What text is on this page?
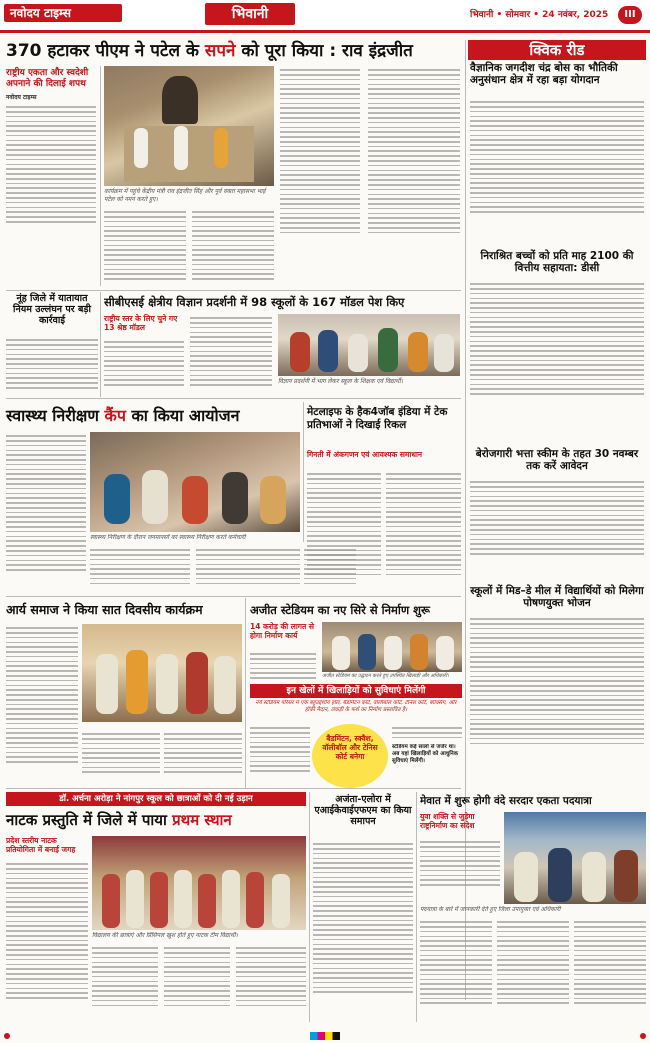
नवोदय टाइम्स	भिवानी	भिवानी • सोमवार • 24 नवंबर, 2025	III
370 हटाकर पीएम ने पटेल के सपने को पूरा किया : राव इंद्रजीत	क्विक रीड
राष्ट्रीय एकता और स्वदेशी अपनाने की दिलाई शपथ
नवोदय टाइम्स
कार्यक्रम में पहुंचे केंद्रीय मंत्री राव इंद्रजीत सिंह और पूर्व वक्ता महासभा भाई पटेल को नमन करते हुए।
वैज्ञानिक जगदीश चंद्र बोस का भौतिकी अनुसंधान क्षेत्र में रहा बड़ा योगदान
निराश्रित बच्चों को प्रति माह 2100 की वित्तीय सहायता: डीसी
बेरोजगारी भत्ता स्कीम के तहत 30 नवम्बर तक करें आवेदन
स्कूलों में मिड–डे मील में विद्यार्थियों को मिलेगा पोषणयुक्त भोजन
नूंह जिले में यातायात नियम उल्लंघन पर बड़ी कार्रवाई
सीबीएसई क्षेत्रीय विज्ञान प्रदर्शनी में 98 स्कूलों के 167 मॉडल पेश किए
राष्ट्रीय स्तर के लिए चुने गए 13 श्रेष्ठ मॉडल
विज्ञान प्रदर्शनी में भाग लेकर स्कूल के शिक्षक एवं विद्यार्थी।
स्वास्थ्य निरीक्षण कैंप का किया आयोजन
स्वास्थ्य निरीक्षण के दौरान जनमानसों का स्वास्थ्य निरीक्षण करते कर्मचारी
मेटलाइफ के हैक4जॉब इंडिया में टेक प्रतिभाओं ने दिखाई रिकल
गिनती में अंकगणन एवं आवश्यक समाधान
आर्य समाज ने किया सात दिवसीय कार्यक्रम	अजीत स्टेडियम का नए सिरे से निर्माण शुरू
14 करोड़ की लागत से होगा निर्माण कार्य
अजीत स्टेडियम का उद्घाटन करते हुए उपस्थित खिलाड़ी और अधिकारी।
इन खेलों में खिलाड़ियों को सुविधाएं मिलेंगी
नये स्टेडियम परिसर में एक बहुउद्देशीय हॉल, बैडमिंटन कोर्ट, वॉलीबॉल कोर्ट, टेनिस कोर्ट, बॉक्सिंग, और हॉकी मैदान, लकड़ी के फर्श का निर्माण प्रस्तावित है।
बैडमिंटन, स्क्वैश, वॉलीबॉल और टेनिस कोर्ट बनेगा
स्टेडियम कई सालों से जर्जर था। अब यहां खिलाड़ियों को आधुनिक सुविधाएं मिलेंगी।
डॉ. अर्चना अरोड़ा ने नांगपुर स्कूल को छात्राओं को दी नई उड़ान
नाटक प्रस्तुति में जिले में पाया प्रथम स्थान
प्रदेश स्तरीय नाटक प्रतियोगिता में बनाई जगह
विद्यालय की छात्राएं और प्रिंसिपल खुश होते हुए नाटक टीम विद्यार्थी।
अजंता-एलोरा में एआईकेवाईएफएम का किया समापन
मेवात में शुरू होगी वंदे सरदार एकता पदयात्रा
युवा शक्ति से जुड़ेगा राष्ट्रनिर्माण का संदेश
पदयात्रा के बारे में जानकारी देते हुए जिला उपायुक्त एवं अधिकारी
